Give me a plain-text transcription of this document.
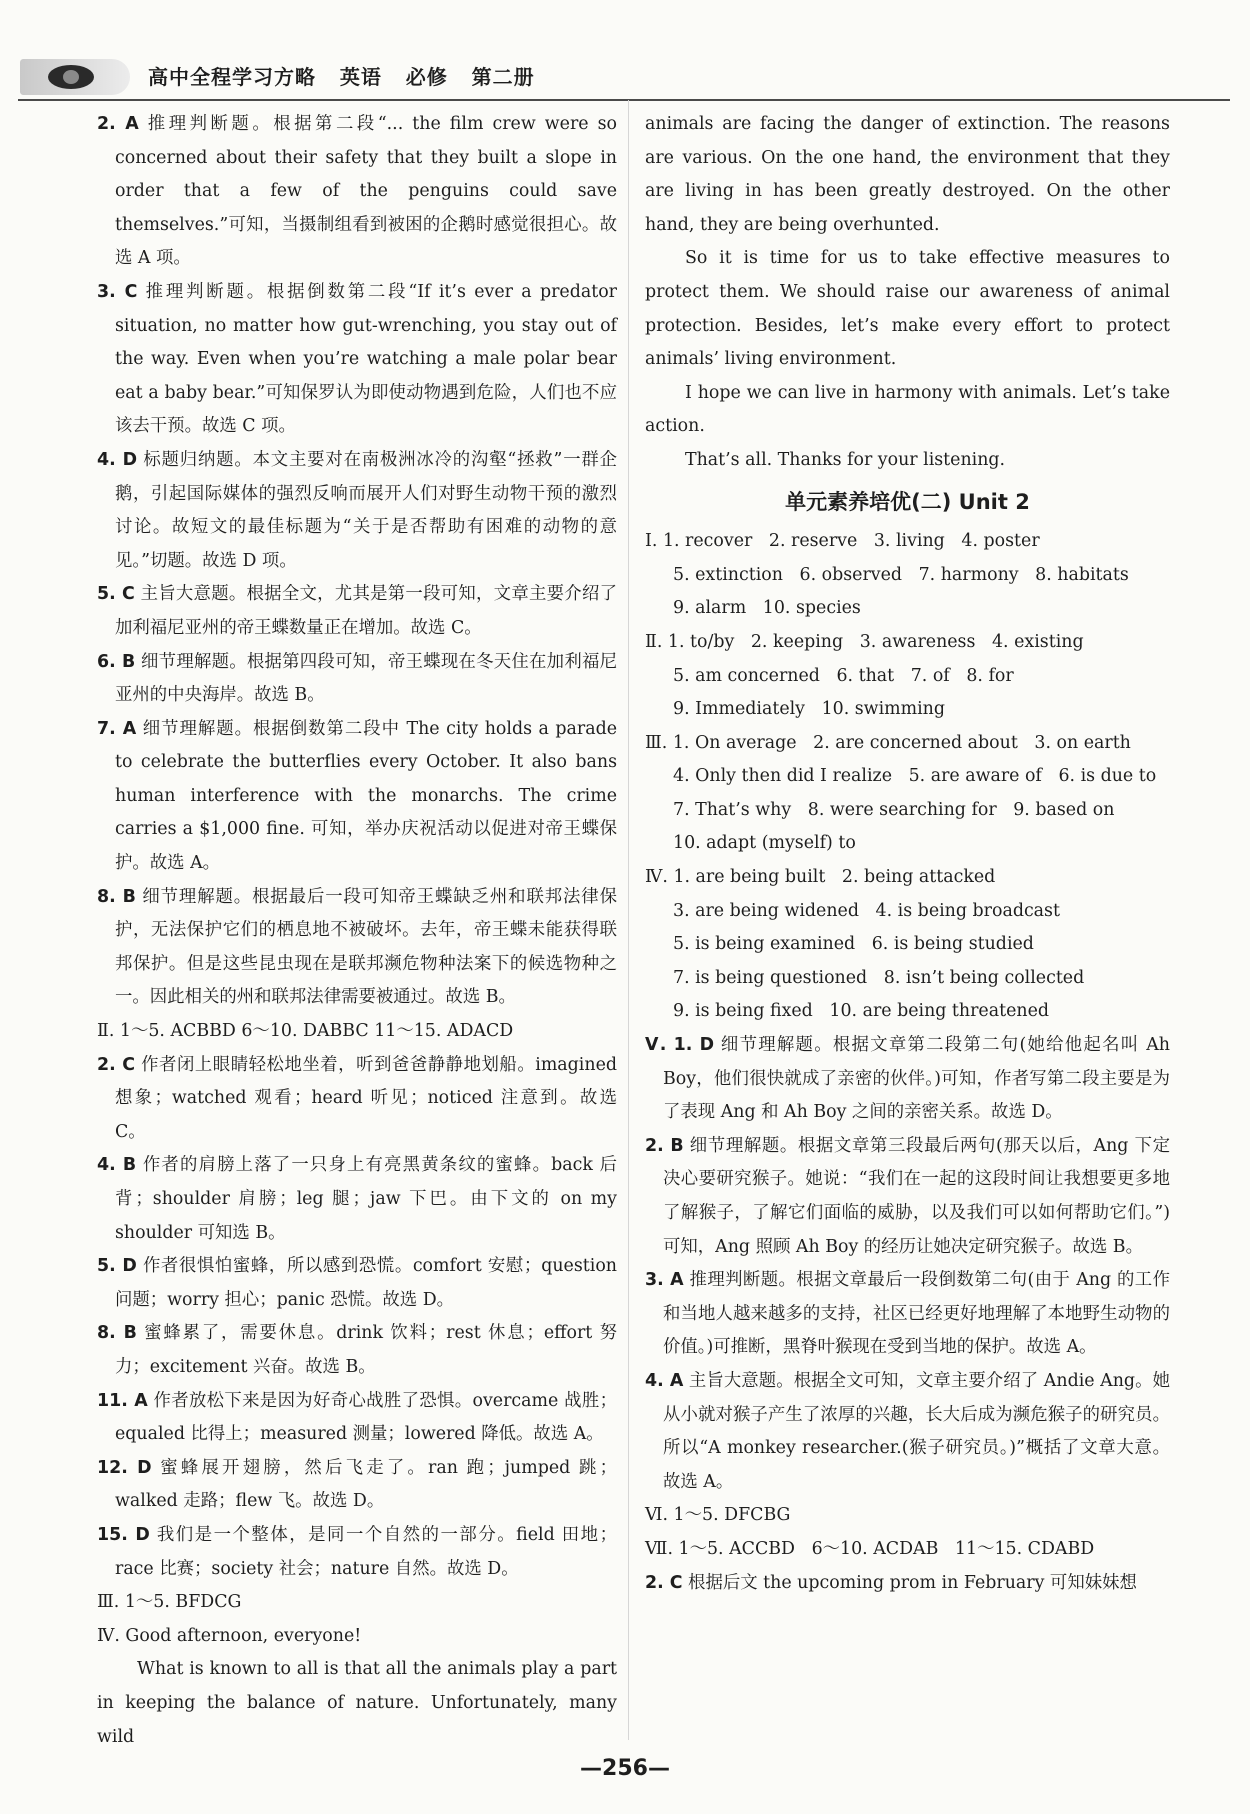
高中全程学习方略   英语   必修   第二册

2. A 推理判断题。根据第二段“... the film crew were so concerned about their safety that they built a slope in order that a few of the penguins could save themselves.”可知，当摄制组看到被困的企鹅时感觉很担心。故选 A 项。

3. C 推理判断题。根据倒数第二段“If it’s ever a predator situation, no matter how gut-wrenching, you stay out of the way. Even when you’re watching a male polar bear eat a baby bear.”可知保罗认为即使动物遇到危险，人们也不应该去干预。故选 C 项。

4. D 标题归纳题。本文主要对在南极洲冰冷的沟壑“拯救”一群企鹅，引起国际媒体的强烈反响而展开人们对野生动物干预的激烈讨论。故短文的最佳标题为“关于是否帮助有困难的动物的意见。”切题。故选 D 项。

5. C 主旨大意题。根据全文，尤其是第一段可知，文章主要介绍了加利福尼亚州的帝王蝶数量正在增加。故选 C。

6. B 细节理解题。根据第四段可知，帝王蝶现在冬天住在加利福尼亚州的中央海岸。故选 B。

7. A 细节理解题。根据倒数第二段中 The city holds a parade to celebrate the butterflies every October. It also bans human interference with the monarchs. The crime carries a $1,000 fine. 可知，举办庆祝活动以促进对帝王蝶保护。故选 A。

8. B 细节理解题。根据最后一段可知帝王蝶缺乏州和联邦法律保护，无法保护它们的栖息地不被破坏。去年，帝王蝶未能获得联邦保护。但是这些昆虫现在是联邦濒危物种法案下的候选物种之一。因此相关的州和联邦法律需要被通过。故选 B。

Ⅱ. 1～5. ACBBD 6～10. DABBC 11～15. ADACD

2. C 作者闭上眼睛轻松地坐着，听到爸爸静静地划船。imagined 想象；watched 观看；heard 听见；noticed 注意到。故选 C。

4. B 作者的肩膀上落了一只身上有亮黑黄条纹的蜜蜂。back 后背；shoulder 肩膀；leg 腿；jaw 下巴。由下文的 on my shoulder 可知选 B。

5. D 作者很惧怕蜜蜂，所以感到恐慌。comfort 安慰；question 问题；worry 担心；panic 恐慌。故选 D。

8. B 蜜蜂累了，需要休息。drink 饮料；rest 休息；effort 努力；excitement 兴奋。故选 B。

11. A 作者放松下来是因为好奇心战胜了恐惧。overcame 战胜；equaled 比得上；measured 测量；lowered 降低。故选 A。

12. D 蜜蜂展开翅膀，然后飞走了。ran 跑；jumped 跳；walked 走路；flew 飞。故选 D。

15. D 我们是一个整体，是同一个自然的一部分。field 田地；race 比赛；society 社会；nature 自然。故选 D。

Ⅲ. 1～5. BFDCG

Ⅳ. Good afternoon, everyone!

What is known to all is that all the animals play a part in keeping the balance of nature. Unfortunately, many wild

animals are facing the danger of extinction. The reasons are various. On the one hand, the environment that they are living in has been greatly destroyed. On the other hand, they are being overhunted.

So it is time for us to take effective measures to protect them. We should raise our awareness of animal protection. Besides, let’s make every effort to protect animals’ living environment.

I hope we can live in harmony with animals. Let’s take action.

That’s all. Thanks for your listening.

单元素养培优(二) Unit 2

Ⅰ. 1. recover   2. reserve   3. living   4. poster

5. extinction   6. observed   7. harmony   8. habitats

9. alarm   10. species

Ⅱ. 1. to/by   2. keeping   3. awareness   4. existing

5. am concerned   6. that   7. of   8. for

9. Immediately   10. swimming

Ⅲ. 1. On average   2. are concerned about   3. on earth

4. Only then did I realize   5. are aware of   6. is due to

7. That’s why   8. were searching for   9. based on

10. adapt (myself) to

Ⅳ. 1. are being built   2. being attacked

3. are being widened   4. is being broadcast

5. is being examined   6. is being studied

7. is being questioned   8. isn’t being collected

9. is being fixed   10. are being threatened

Ⅴ. 1. D 细节理解题。根据文章第二段第二句(她给他起名叫 Ah Boy，他们很快就成了亲密的伙伴。)可知，作者写第二段主要是为了表现 Ang 和 Ah Boy 之间的亲密关系。故选 D。

2. B 细节理解题。根据文章第三段最后两句(那天以后，Ang 下定决心要研究猴子。她说：“我们在一起的这段时间让我想要更多地了解猴子，了解它们面临的威胁，以及我们可以如何帮助它们。”)可知，Ang 照顾 Ah Boy 的经历让她决定研究猴子。故选 B。

3. A 推理判断题。根据文章最后一段倒数第二句(由于 Ang 的工作和当地人越来越多的支持，社区已经更好地理解了本地野生动物的价值。)可推断，黑脊叶猴现在受到当地的保护。故选 A。

4. A 主旨大意题。根据全文可知，文章主要介绍了 Andie Ang。她从小就对猴子产生了浓厚的兴趣，长大后成为濒危猴子的研究员。所以“A monkey researcher.(猴子研究员。)”概括了文章大意。故选 A。

Ⅵ. 1～5. DFCBG

Ⅶ. 1～5. ACCBD   6～10. ACDAB   11～15. CDABD

2. C 根据后文 the upcoming prom in February 可知妹妹想

—256—
